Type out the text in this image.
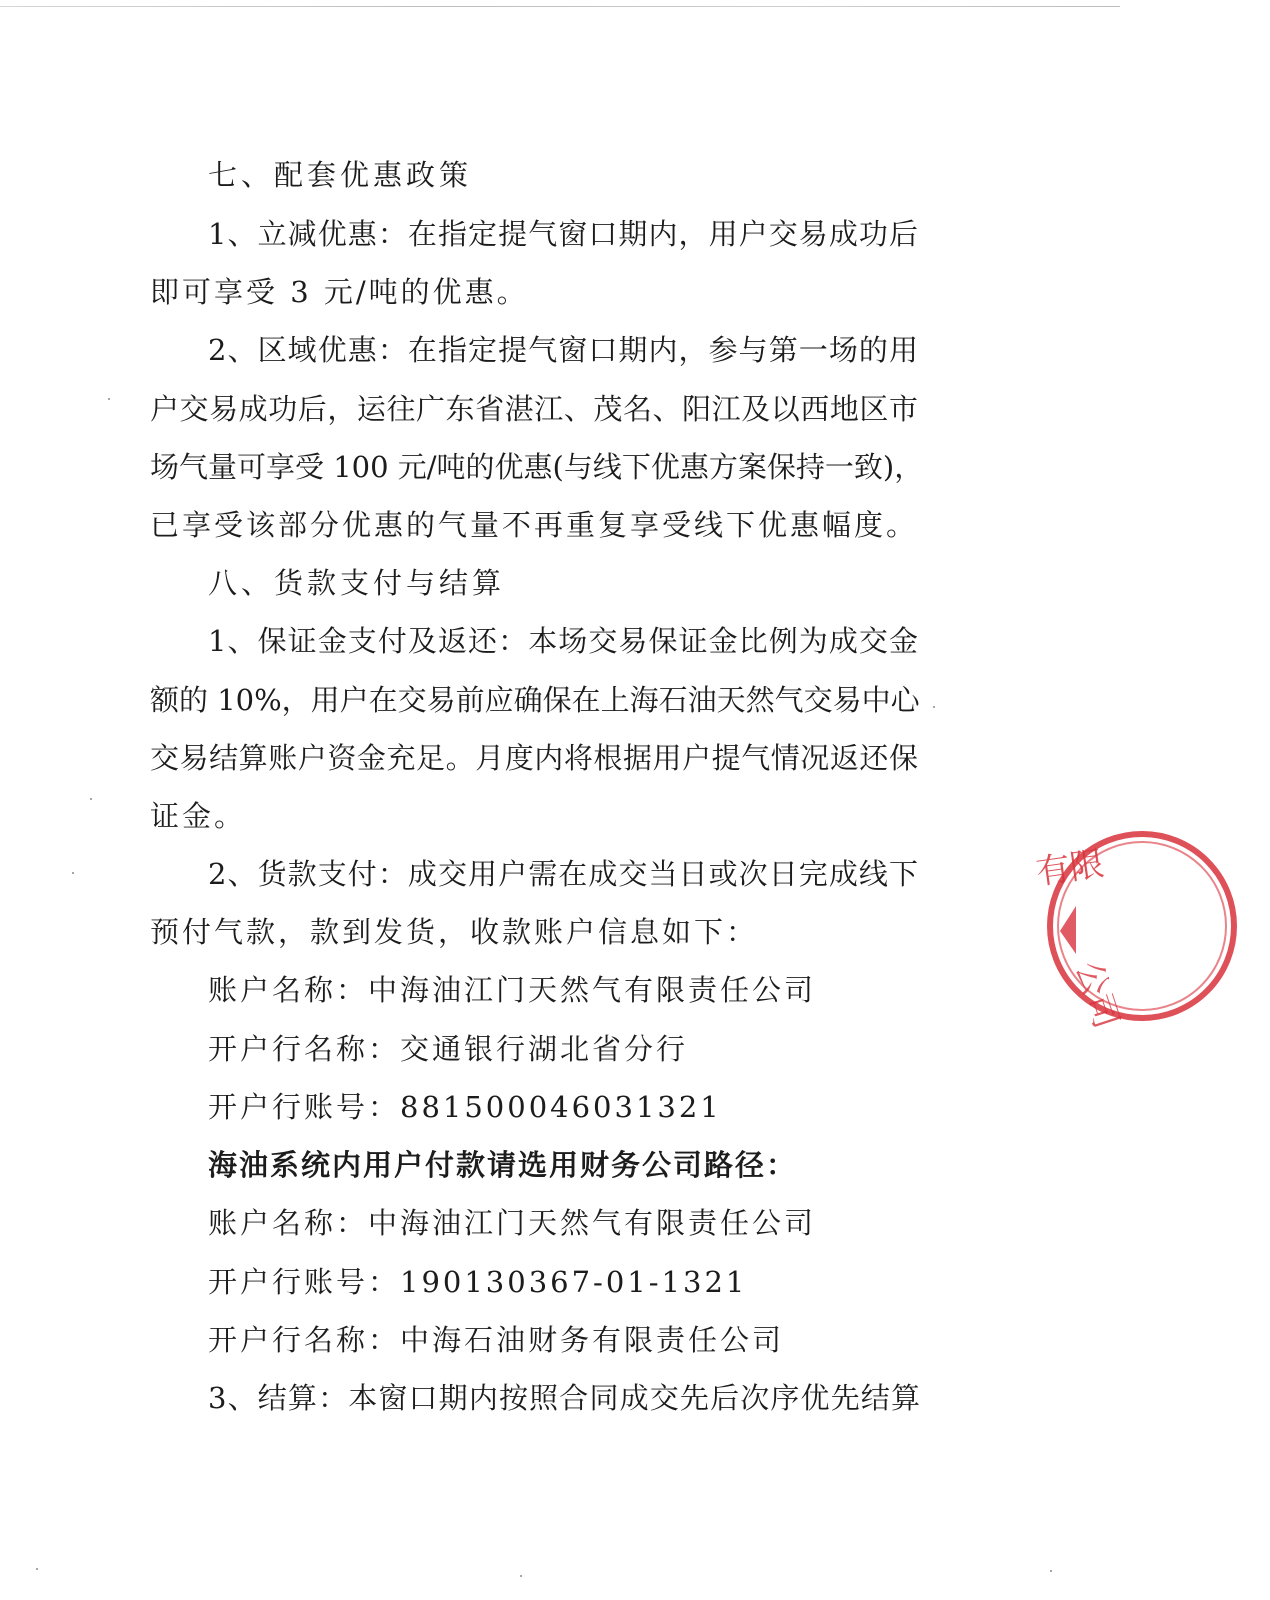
七、配套优惠政策
1、立减优惠：在指定提气窗口期内，用户交易成功后
即可享受 3 元/吨的优惠。
2、区域优惠：在指定提气窗口期内，参与第一场的用
户交易成功后，运往广东省湛江、茂名、阳江及以西地区市
场气量可享受 100 元/吨的优惠(与线下优惠方案保持一致)，
已享受该部分优惠的气量不再重复享受线下优惠幅度。
八、货款支付与结算
1、保证金支付及返还：本场交易保证金比例为成交金
额的 10%，用户在交易前应确保在上海石油天然气交易中心
交易结算账户资金充足。月度内将根据用户提气情况返还保
证金。
2、货款支付：成交用户需在成交当日或次日完成线下
预付气款，款到发货，收款账户信息如下：
账户名称：中海油江门天然气有限责任公司
开户行名称：交通银行湖北省分行
开户行账号：881500046031321
海油系统内用户付款请选用财务公司路径：
账户名称：中海油江门天然气有限责任公司
开户行账号：190130367-01-1321
开户行名称：中海石油财务有限责任公司
3、结算：本窗口期内按照合同成交先后次序优先结算
有限
公司
